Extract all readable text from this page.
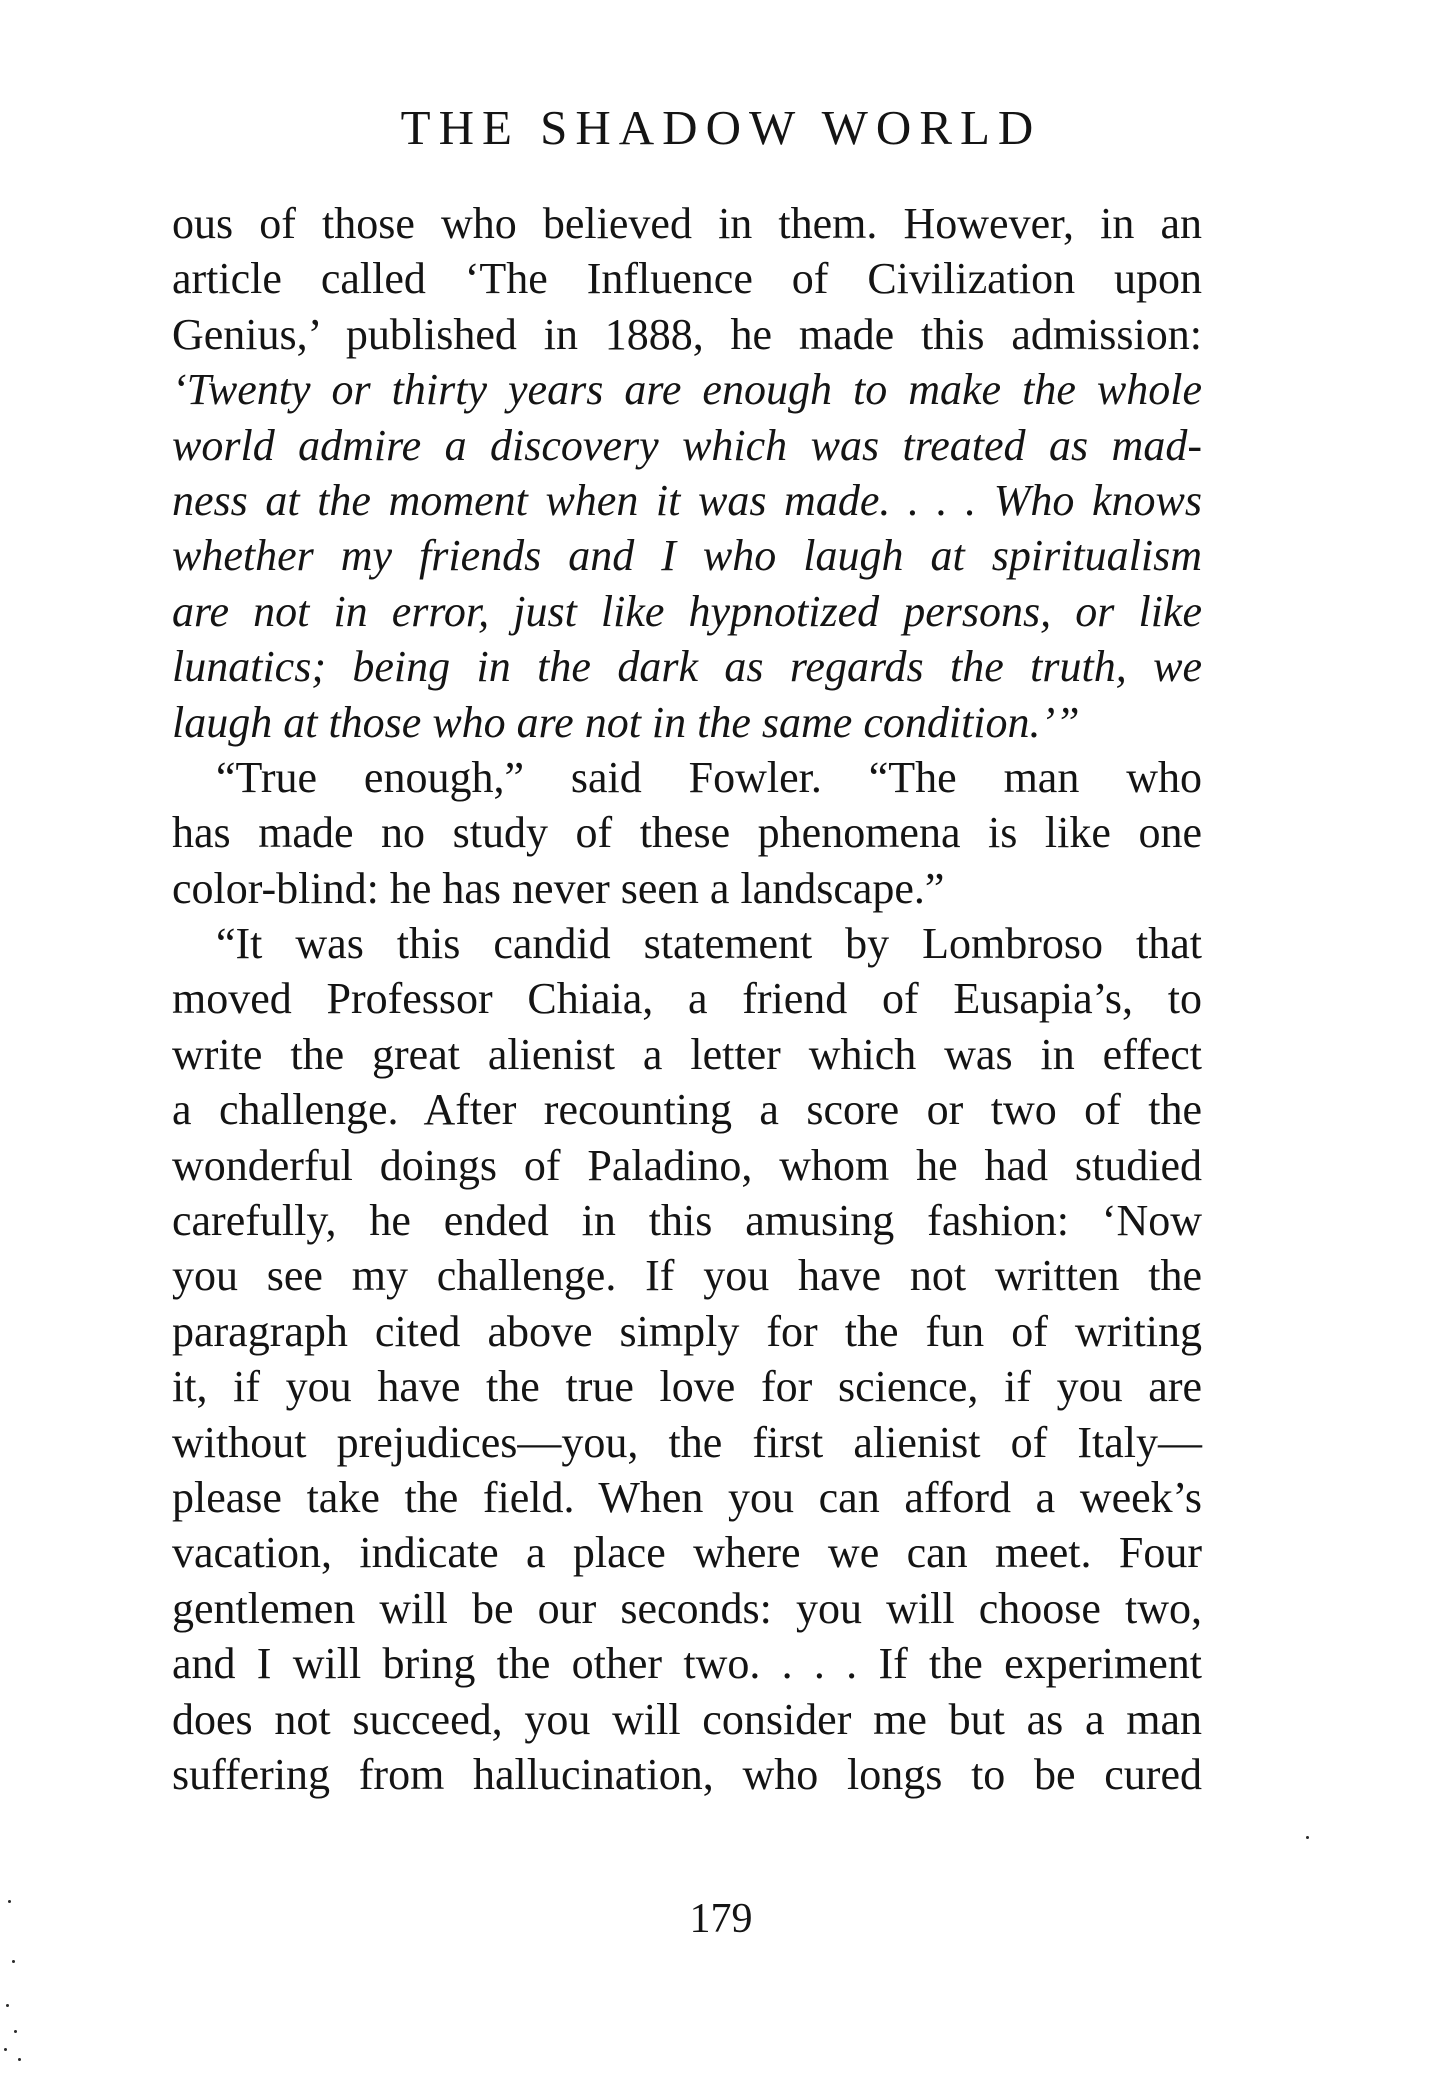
THE SHADOW WORLD
ous of those who believed in them. However, in an
article called ‘The Influence of Civilization upon
Genius,’ published in 1888, he made this admission:
‘Twenty or thirty years are enough to make the whole
world admire a discovery which was treated as mad-
ness at the moment when it was made. . . . Who knows
whether my friends and I who laugh at spiritualism
are not in error, just like hypnotized persons, or like
lunatics; being in the dark as regards the truth, we
laugh at those who are not in the same condition.’”
“True enough,” said Fowler. “The man who
has made no study of these phenomena is like one
color-blind: he has never seen a landscape.”
“It was this candid statement by Lombroso that
moved Professor Chiaia, a friend of Eusapia’s, to
write the great alienist a letter which was in effect
a challenge. After recounting a score or two of the
wonderful doings of Paladino, whom he had studied
carefully, he ended in this amusing fashion: ‘Now
you see my challenge. If you have not written the
paragraph cited above simply for the fun of writing
it, if you have the true love for science, if you are
without prejudices—you, the first alienist of Italy—
please take the field. When you can afford a week’s
vacation, indicate a place where we can meet. Four
gentlemen will be our seconds: you will choose two,
and I will bring the other two. . . . If the experiment
does not succeed, you will consider me but as a man
suffering from hallucination, who longs to be cured
179
